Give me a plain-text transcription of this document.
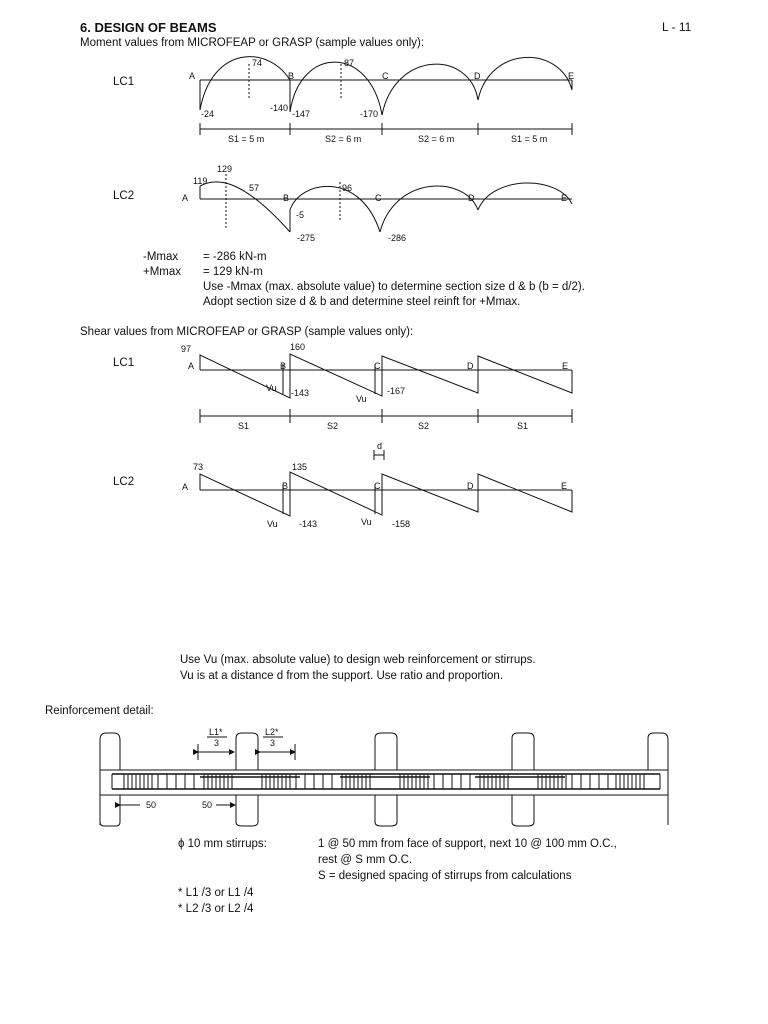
6. DESIGN OF BEAMS	L - 11
Moment values from MICROFEAP or GRASP (sample values only):
LC1
LC2
-Mmax = -286 kN-m
+Mmax = 129 kN-m
Use -Mmax (max. absolute value) to determine section size d & b (b = d/2).
Adopt section size d & b and determine steel reinft for +Mmax.
Shear values from MICROFEAP or GRASP (sample values only):
LC1
LC2
Use Vu (max. absolute value) to design web reinforcement or stirrups.
Vu is at a distance d from the support. Use ratio and proportion.
Reinforcement detail:
ϕ 10 mm stirrups:	1 @ 50 mm from face of support, next 10 @ 100 mm O.C.,
rest @ S mm O.C.
S = designed spacing of stirrups from calculations
* L1 /3 or L1 /4
* L2 /3 or L2 /4
A	B	C	D	E
74	87
-24
-140
-147	-170
S1 = 5 m	S2 = 6 m	S2 = 6 m	S1 = 5 m
A	B	C	D	E
129
119
57	96
-5
-275	-286
A	B	C	D	E
97	160
-143	-167
Vu
Vu
S1	S2	S2	S1
d
A	B	C	D	E
73	135
-143	-158
Vu	Vu
L1*
3
L2*
3
50	50
